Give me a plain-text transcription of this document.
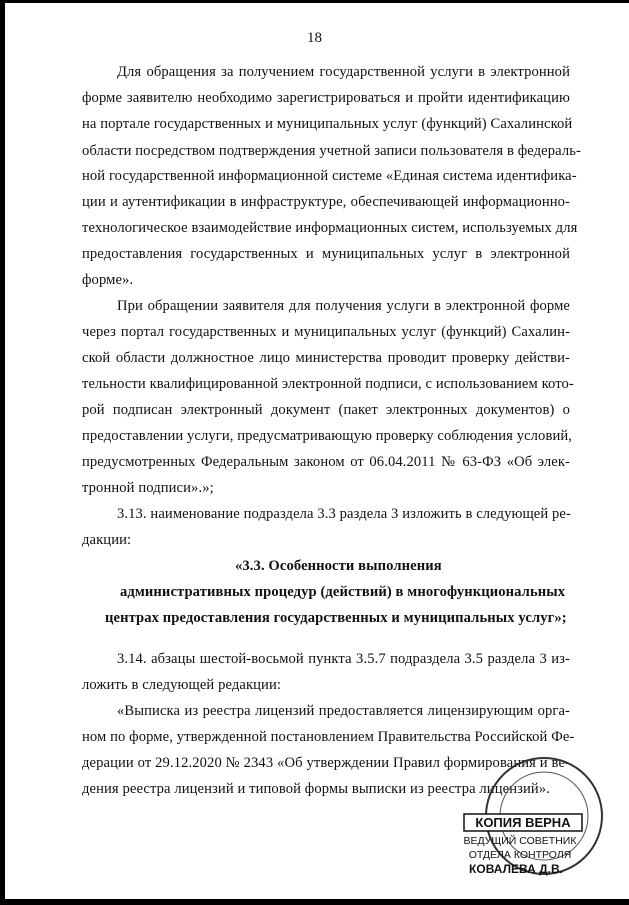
18
Для обращения за получением государственной услуги в электронной
форме заявителю необходимо зарегистрироваться и пройти идентификацию
на портале государственных и муниципальных услуг (функций) Сахалинской
области посредством подтверждения учетной записи пользователя в федераль-
ной государственной информационной системе «Единая система идентифика-
ции и аутентификации в инфраструктуре, обеспечивающей информационно-
технологическое взаимодействие информационных систем, используемых для
предоставления государственных и муниципальных услуг в электронной
форме».
При обращении заявителя для получения услуги в электронной форме
через портал государственных и муниципальных услуг (функций) Сахалин-
ской области должностное лицо министерства проводит проверку действи-
тельности квалифицированной электронной подписи, с использованием кото-
рой подписан электронный документ (пакет электронных документов) о
предоставлении услуги, предусматривающую проверку соблюдения условий,
предусмотренных Федеральным законом от 06.04.2011 № 63-ФЗ «Об элек-
тронной подписи».»;
3.13. наименование подраздела 3.3 раздела 3 изложить в следующей ре-
дакции:
«3.3. Особенности выполнения
административных процедур (действий) в многофункциональных
центрах предоставления государственных и муниципальных услуг»;
3.14. абзацы шестой-восьмой пункта 3.5.7 подраздела 3.5 раздела 3 из-
ложить в следующей редакции:
«Выписка из реестра лицензий предоставляется лицензирующим орга-
ном по форме, утвержденной постановлением Правительства Российской Фе-
дерации от 29.12.2020 № 2343 «Об утверждении Правил формирования и ве-
дения реестра лицензий и типовой формы выписки из реестра лицензий».
КОПИЯ ВЕРНА
ВЕДУЩИЙ СОВЕТНИК
ОТДЕЛА КОНТРОЛЯ
КОВАЛЕВА Д.В.
